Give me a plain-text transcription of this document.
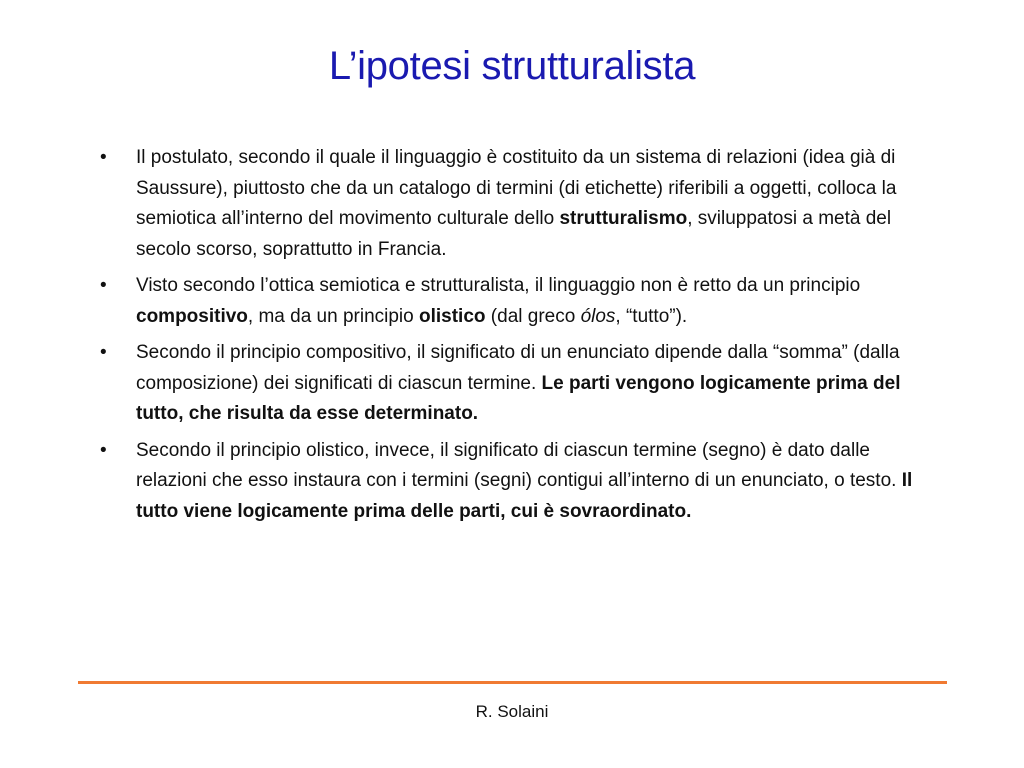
L’ipotesi strutturalista
•	Il postulato, secondo il quale il linguaggio è costituito da un sistema di relazioni (idea già di Saussure), piuttosto che da un catalogo di termini (di etichette) riferibili a oggetti, colloca la semiotica all’interno del movimento culturale dello strutturalismo, sviluppatosi a metà del secolo scorso, soprattutto in Francia.
•	Visto secondo l’ottica semiotica e strutturalista, il linguaggio non è retto da un principio compositivo, ma da un principio olistico (dal greco ólos, “tutto”).
•	Secondo il principio compositivo, il significato di un enunciato dipende dalla “somma” (dalla composizione) dei significati di ciascun termine. Le parti vengono logicamente prima del tutto, che risulta da esse determinato.
•	Secondo il principio olistico, invece, il significato di ciascun termine (segno) è dato dalle relazioni che esso instaura con i termini (segni) contigui all’interno di un enunciato, o testo. Il tutto viene logicamente prima delle parti, cui è sovraordinato.
R. Solaini
